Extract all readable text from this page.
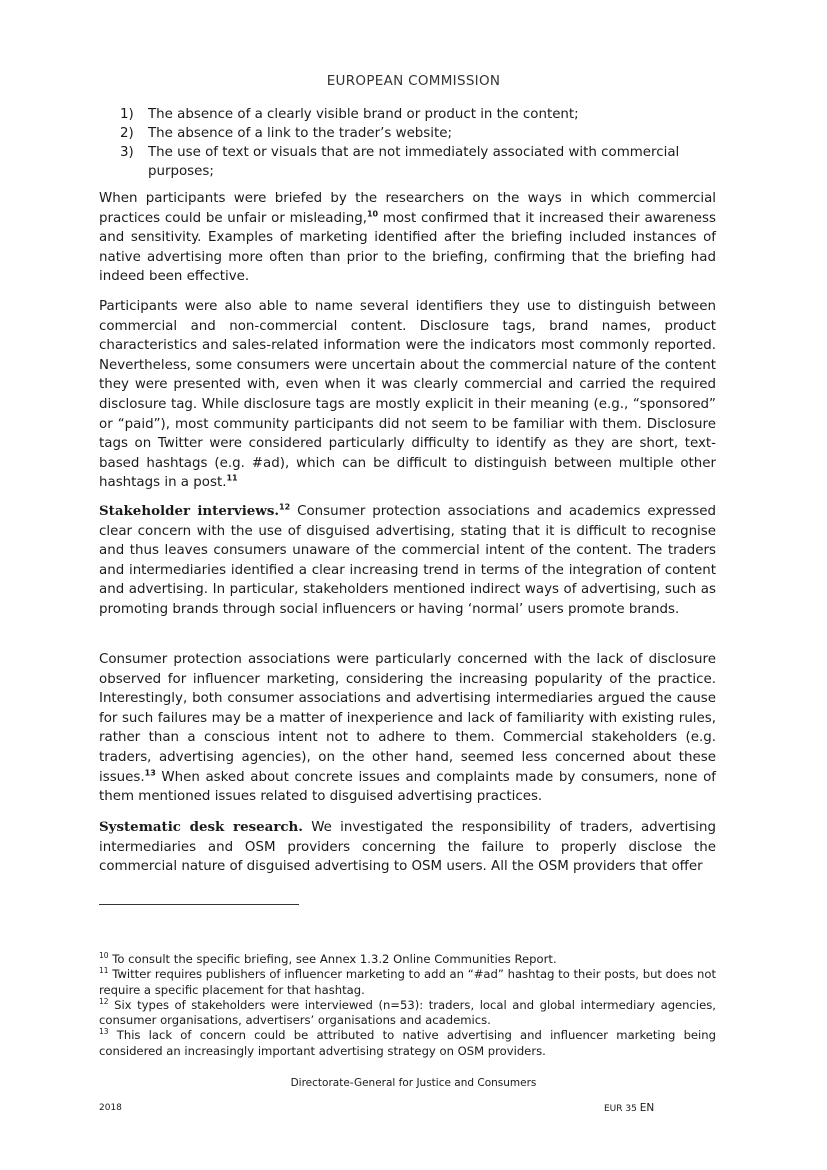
EUROPEAN COMMISSION
1)	The absence of a clearly visible brand or product in the content;
2)	The absence of a link to the trader’s website;
3)	The use of text or visuals that are not immediately associated with commercial purposes;

When participants were briefed by the researchers on the ways in which commercial practices could be unfair or misleading,$^{10}$ most confirmed that it increased their awareness and sensitivity. Examples of marketing identified after the briefing included instances of native advertising more often than prior to the briefing, confirming that the briefing had indeed been effective.

Participants were also able to name several identifiers they use to distinguish between commercial and non-commercial content. Disclosure tags, brand names, product characteristics and sales-related information were the indicators most commonly reported. Nevertheless, some consumers were uncertain about the commercial nature of the content they were presented with, even when it was clearly commercial and carried the required disclosure tag. While disclosure tags are mostly explicit in their meaning (e.g., “sponsored” or “paid”), most community participants did not seem to be familiar with them. Disclosure tags on Twitter were considered particularly difficulty to identify as they are short, text-based hashtags (e.g. #ad), which can be difficult to distinguish between multiple other hashtags in a post.$^{11}$

Stakeholder interviews.$^{12}$ Consumer protection associations and academics expressed clear concern with the use of disguised advertising, stating that it is difficult to recognise and thus leaves consumers unaware of the commercial intent of the content. The traders and intermediaries identified a clear increasing trend in terms of the integration of content and advertising. In particular, stakeholders mentioned indirect ways of advertising, such as promoting brands through social influencers or having ‘normal’ users promote brands.

Consumer protection associations were particularly concerned with the lack of disclosure observed for influencer marketing, considering the increasing popularity of the practice. Interestingly, both consumer associations and advertising intermediaries argued the cause for such failures may be a matter of inexperience and lack of familiarity with existing rules, rather than a conscious intent not to adhere to them. Commercial stakeholders (e.g. traders, advertising agencies), on the other hand, seemed less concerned about these issues.$^{13}$ When asked about concrete issues and complaints made by consumers, none of them mentioned issues related to disguised advertising practices.

Systematic desk research. We investigated the responsibility of traders, advertising intermediaries and OSM providers concerning the failure to properly disclose the commercial nature of disguised advertising to OSM users. All the OSM providers that offer

$^{10}$ To consult the specific briefing, see Annex 1.3.2 Online Communities Report.

$^{11}$ Twitter requires publishers of influencer marketing to add an “#ad” hashtag to their posts, but does not require a specific placement for that hashtag.

$^{12}$ Six types of stakeholders were interviewed (n=53): traders, local and global intermediary agencies, consumer organisations, advertisers’ organisations and academics.

$^{13}$ This lack of concern could be attributed to native advertising and influencer marketing being considered an increasingly important advertising strategy on OSM providers.

Directorate-General for Justice and Consumers
2018	EUR 35 EN
